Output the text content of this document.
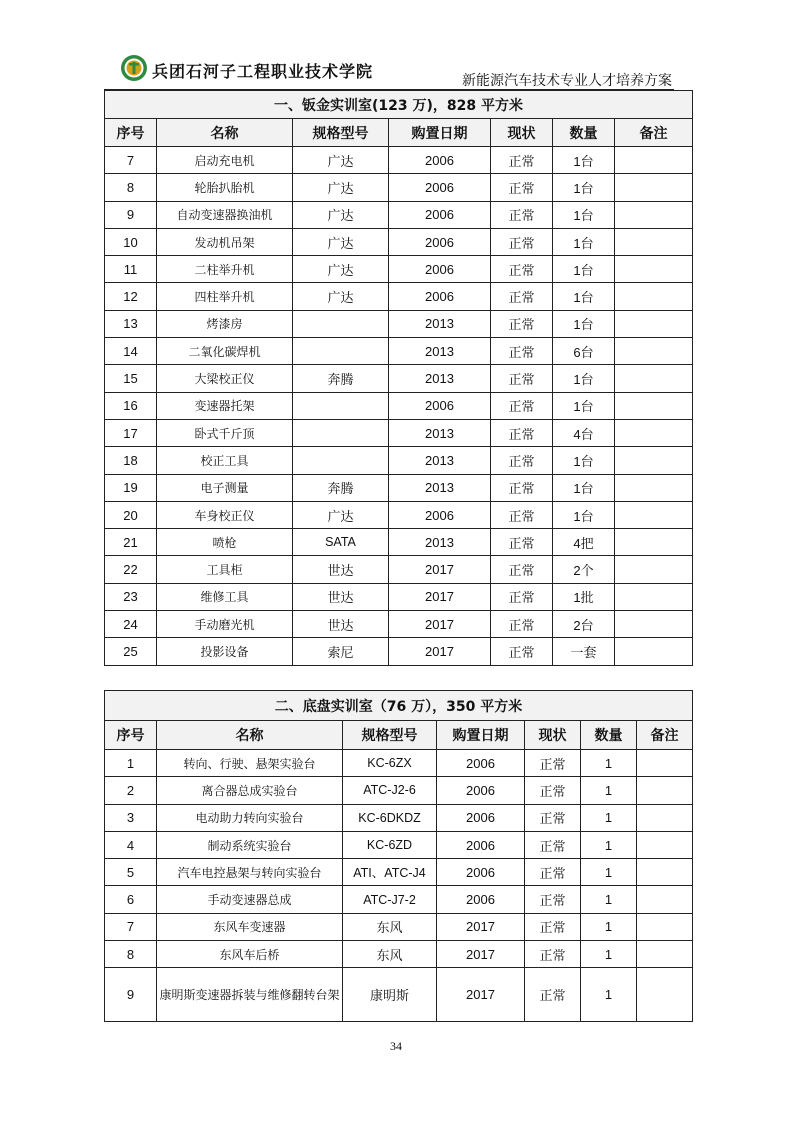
兵团石河子工程职业技术学院	新能源汽车技术专业人才培养方案
一、钣金实训室(123 万)，828 平方米						
序号	名称	规格型号	购置日期	现状	数量	备注
7	启动充电机	广达	2006	正常	1台	
8	轮胎扒胎机	广达	2006	正常	1台	
9	自动变速器换油机	广达	2006	正常	1台	
10	发动机吊架	广达	2006	正常	1台	
11	二柱举升机	广达	2006	正常	1台	
12	四柱举升机	广达	2006	正常	1台	
13	烤漆房		2013	正常	1台	
14	二氧化碳焊机		2013	正常	6台	
15	大梁校正仪	奔腾	2013	正常	1台	
16	变速器托架		2006	正常	1台	
17	卧式千斤顶		2013	正常	4台	
18	校正工具		2013	正常	1台	
19	电子测量	奔腾	2013	正常	1台	
20	车身校正仪	广达	2006	正常	1台	
21	喷枪	SATA	2013	正常	4把	
22	工具柜	世达	2017	正常	2个	
23	维修工具	世达	2017	正常	1批	
24	手动磨光机	世达	2017	正常	2台	
25	投影设备	索尼	2017	正常	一套	
二、底盘实训室（76 万），350 平方米						
序号	名称	规格型号	购置日期	现状	数量	备注
1	转向、行驶、悬架实验台	KC-6ZX	2006	正常	1	
2	离合器总成实验台	ATC-J2-6	2006	正常	1	
3	电动助力转向实验台	KC-6DKDZ	2006	正常	1	
4	制动系统实验台	KC-6ZD	2006	正常	1	
5	汽车电控悬架与转向实验台	ATI、ATC-J4	2006	正常	1	
6	手动变速器总成	ATC-J7-2	2006	正常	1	
7	东风车变速器	东风	2017	正常	1	
8	东风车后桥	东风	2017	正常	1	
9	康明斯变速器拆装与维修翻转台架	康明斯	2017	正常	1	
34
